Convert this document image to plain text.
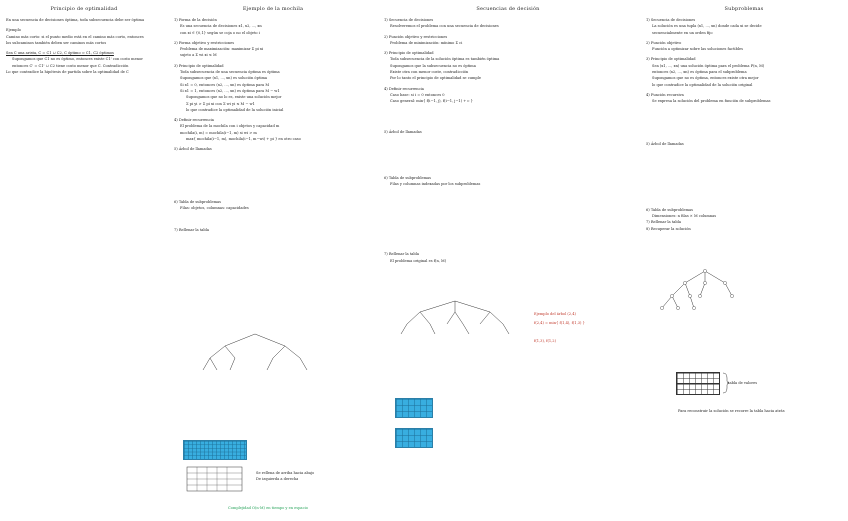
Principio de optimalidad
En una secuencia de decisiones óptima, toda subsecuencia debe ser óptima
Ejemplo
Camino más corto: si el punto medio está en el camino más corto, entonces
los subcaminos también deben ser caminos más cortos
Sea C una arista, C = C1 ∪ C2, C óptimo ⇒ C1, C2 óptimos
Supongamos que C1 no es óptimo, entonces existe C1' con costo menor
entonces C' = C1' ∪ C2 tiene costo menor que C. Contradicción
Lo que contradice la hipótesis de partida sobre la optimalidad de C
Ejemplo de la mochila
1) Forma de la decisión
Es una secuencia de decisiones x1, x2, ..., xn
con xi ∈ {0,1} según se coja o no el objeto i
2) Forma objetivo y restricciones
Problema de maximización: maximizar Σ pi xi
sujeto a Σ wi xi ≤ M
3) Principio de optimalidad
Toda subsecuencia de una secuencia óptima es óptima
Supongamos que (x1, ..., xn) es solución óptima
Si x1 = 0, entonces (x2, ..., xn) es óptima para M
Si x1 = 1, entonces (x2, ..., xn) es óptima para M − w1
Supongamos que no lo es, existe una solución mejor
Σ pi yi > Σ pi xi con Σ wi yi ≤ M − w1
lo que contradice la optimalidad de la solución inicial
4) Definir recurrencia
El problema de la mochila con i objetos y capacidad m
mochila(i, m) = mochila(i−1, m) si wi > m
max{ mochila(i−1, m), mochila(i−1, m−wi) + pi } en otro caso
5) Árbol de llamadas
6) Tabla de subproblemas
Filas: objetos, columnas: capacidades
7) Rellenar la tabla
Se rellena de arriba hacia abajo
De izquierda a derecha
Complejidad O(n·M) en tiempo y en espacio
Secuencias de decisión
1) Secuencia de decisiones
Resolveremos el problema con una secuencia de decisiones
2) Función objetivo y restricciones
Problema de minimización: mínimo Σ ci
3) Principio de optimalidad
Toda subsecuencia de la solución óptima es también óptima
Supongamos que la subsecuencia no es óptima
Existe otra con menor coste, contradicción
Por lo tanto el principio de optimalidad se cumple
4) Definir recurrencia
Caso base: si i = 0 entonces 0
Caso general: min{ f(i−1, j), f(i−1, j−1) + c }
5) Árbol de llamadas
6) Tabla de subproblemas
Filas y columnas indexadas por los subproblemas
7) Rellenar la tabla
El problema original es f(n, M)
Ejemplo del árbol (2,4)
f(2,4) = min{ f(1,4), f(1,3) }
f(1,3), f(1,2)
Subproblemas
1) Secuencia de decisiones
La solución es una tupla (x1, ..., xn) donde cada xi se decide
secuencialmente en un orden fijo
2) Función objetivo
Función a optimizar sobre las soluciones factibles
3) Principio de optimalidad
Sea (x1, ..., xn) una solución óptima para el problema P(n, M)
entonces (x2, ..., xn) es óptima para el subproblema
Supongamos que no es óptima, entonces existe otra mejor
lo que contradice la optimalidad de la solución original
4) Función recursiva
Se expresa la solución del problema en función de subproblemas
5) Árbol de llamadas
6) Tabla de subproblemas
Dimensiones: n filas × M columnas
7) Rellenar la tabla
8) Recuperar la solución
tabla de valores
Para reconstruir la solución se recorre la tabla hacia atrás
